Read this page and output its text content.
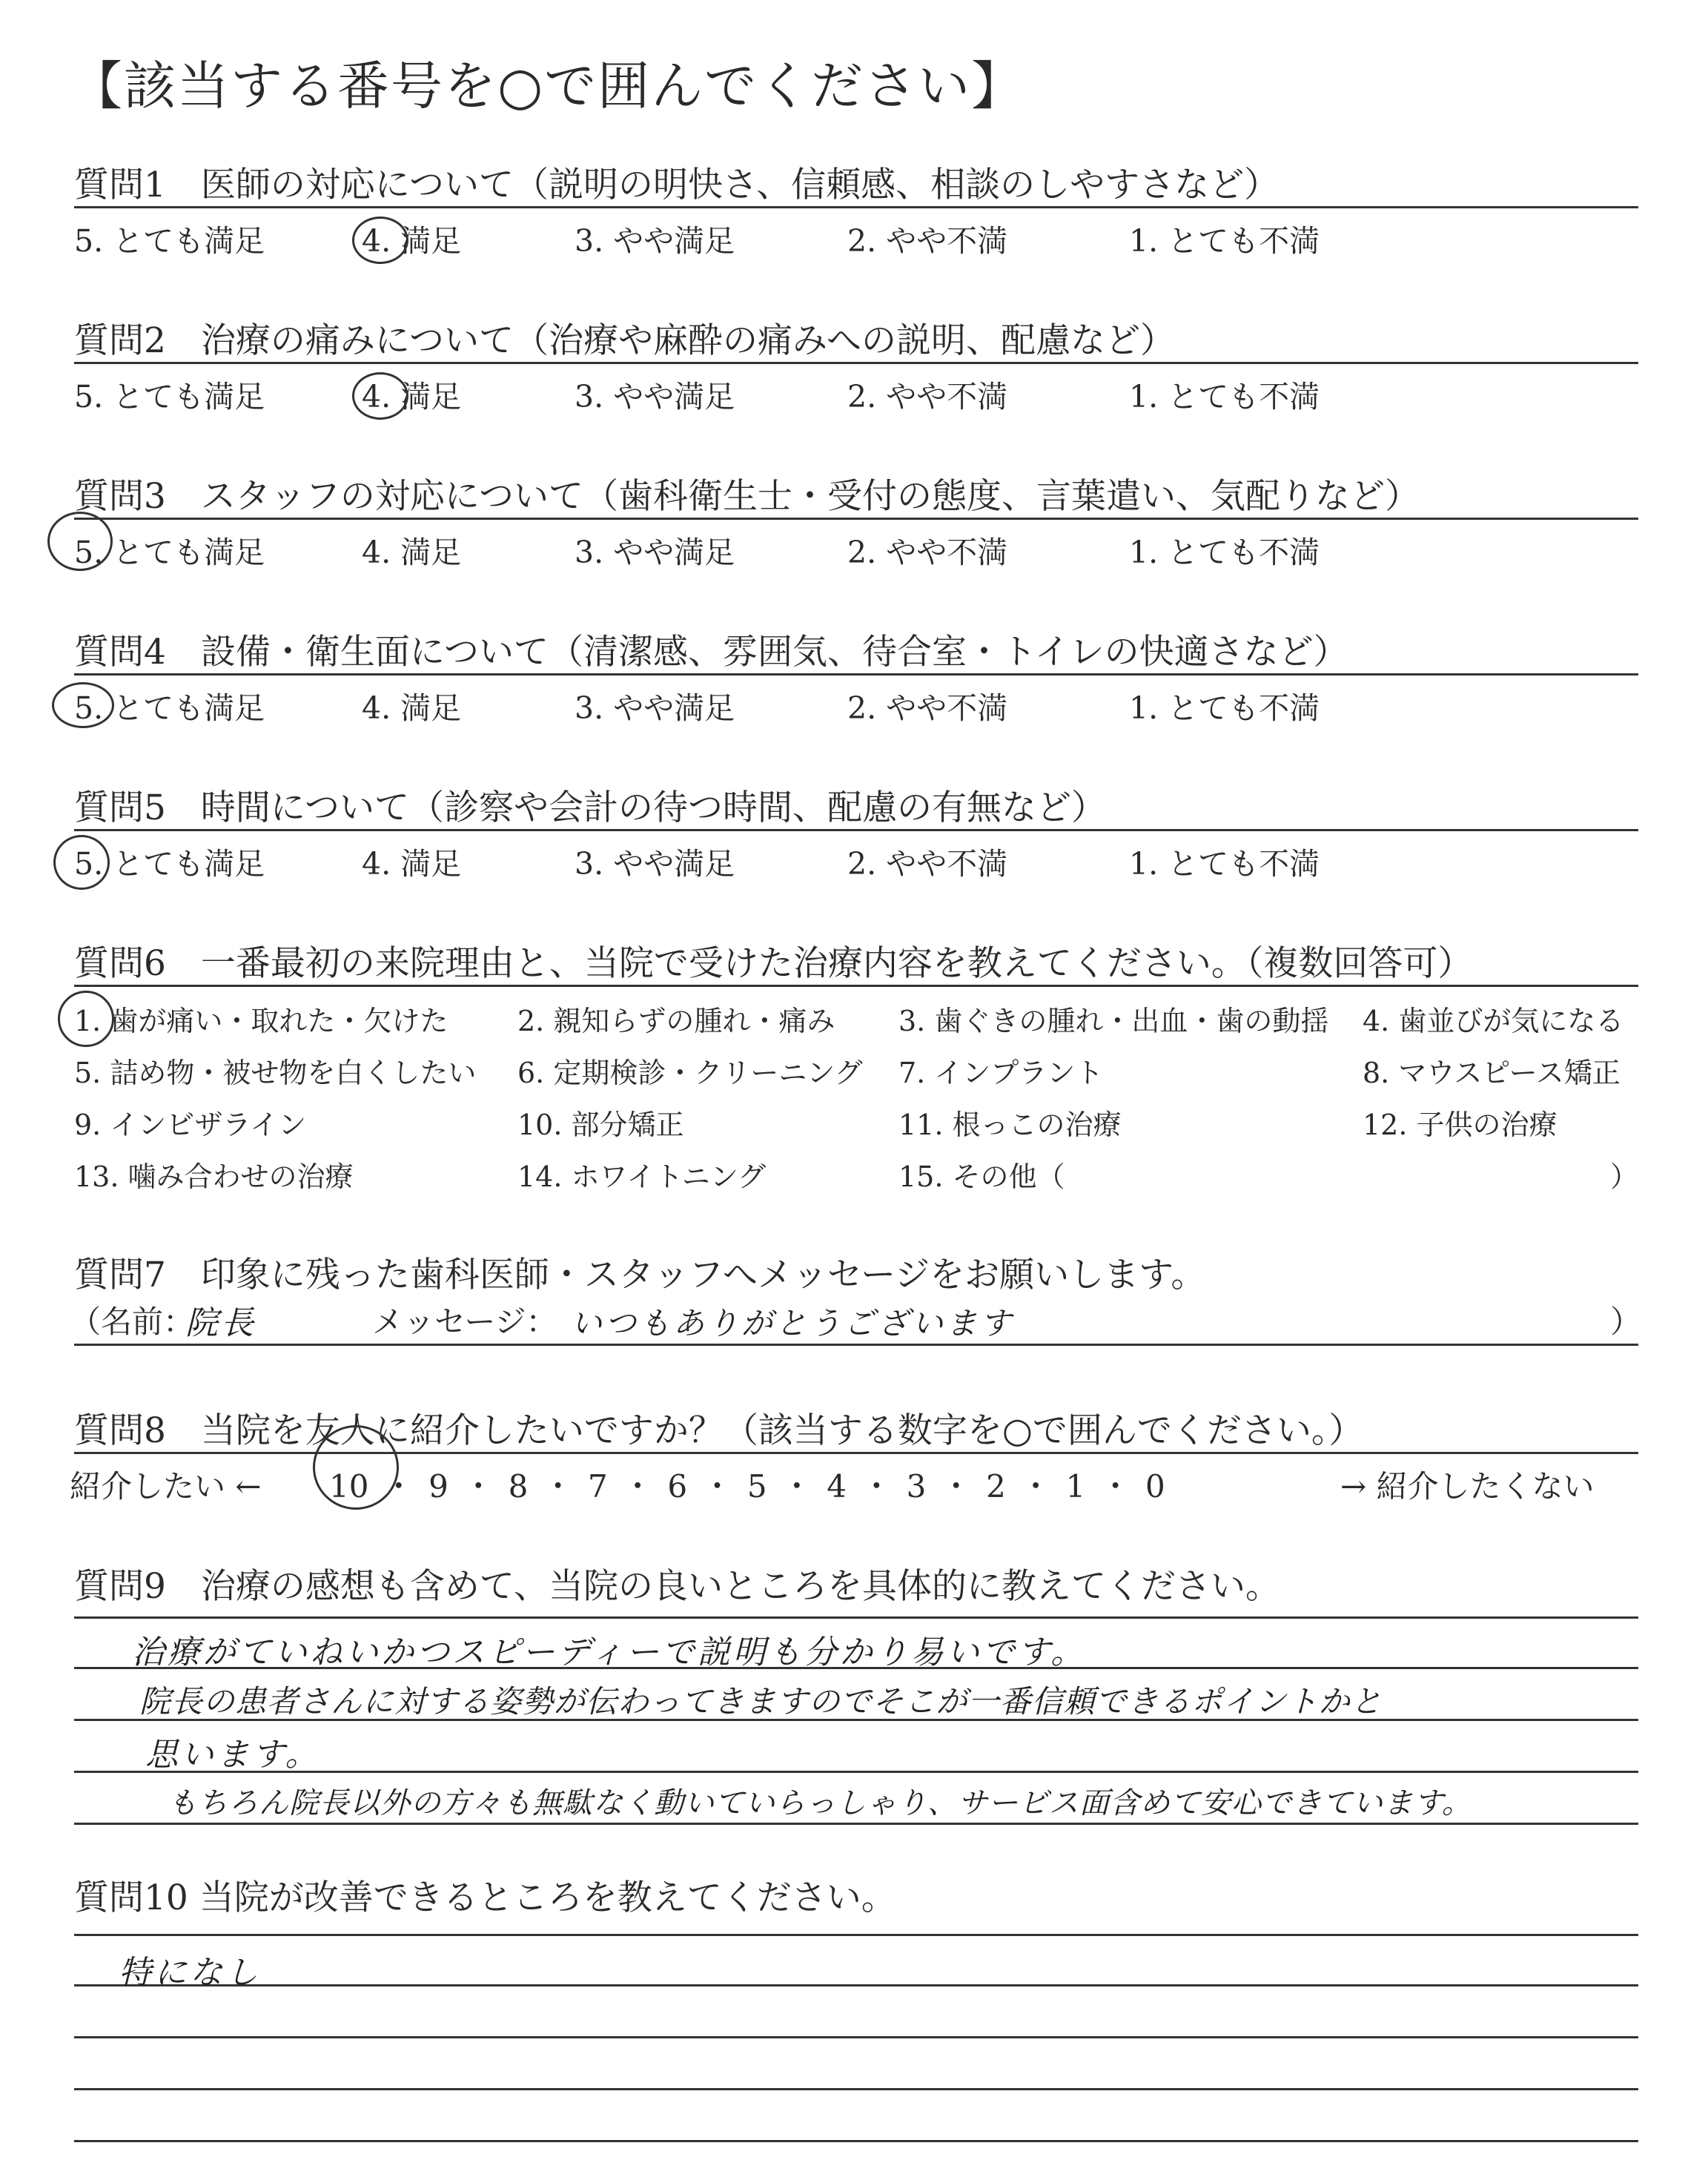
【該当する番号を○で囲んでください】
質問1　医師の対応について（説明の明快さ、信頼感、相談のしやすさなど）
5. とても満足	4. 満足	3. やや満足	2. やや不満	1. とても不満
質問2　治療の痛みについて（治療や麻酔の痛みへの説明、配慮など）
5. とても満足	4. 満足	3. やや満足	2. やや不満	1. とても不満
質問3　スタッフの対応について（歯科衛生士・受付の態度、言葉遣い、気配りなど）
5. とても満足	4. 満足	3. やや満足	2. やや不満	1. とても不満
質問4　設備・衛生面について（清潔感、雰囲気、待合室・トイレの快適さなど）
5. とても満足	4. 満足	3. やや満足	2. やや不満	1. とても不満
質問5　時間について（診察や会計の待つ時間、配慮の有無など）
5. とても満足	4. 満足	3. やや満足	2. やや不満	1. とても不満
質問6　一番最初の来院理由と、当院で受けた治療内容を教えてください。（複数回答可）
1. 歯が痛い・取れた・欠けた 2. 親知らずの腫れ・痛み 3. 歯ぐきの腫れ・出血・歯の動揺 4. 歯並びが気になる
5. 詰め物・被せ物を白くしたい 6. 定期検診・クリーニング 7. インプラント	8. マウスピース矯正
9. インビザライン	10. 部分矯正	11. 根っこの治療	12. 子供の治療
13. 噛み合わせの治療	14. ホワイトニング	15. その他（	）
質問7　印象に残った歯科医師・スタッフへメッセージをお願いします。
（名前：
院長	メッセージ： いつもありがとうございます	）
質問8　当院を友人に紹介したいですか？（該当する数字を○で囲んでください。）
紹介したい ← 10 ・ 9 ・ 8 ・ 7 ・ 6 ・ 5 ・ 4 ・ 3 ・ 2 ・ 1 ・ 0	→ 紹介したくない
質問9　治療の感想も含めて、当院の良いところを具体的に教えてください。
治療がていねいかつスピーディーで説明も分かり易いです。
院長の患者さんに対する姿勢が伝わってきますのでそこが一番信頼できるポイントかと
思います。
もちろん院長以外の方々も無駄なく動いていらっしゃり、サービス面含めて安心できています。
質問10 当院が改善できるところを教えてください。
特になし
